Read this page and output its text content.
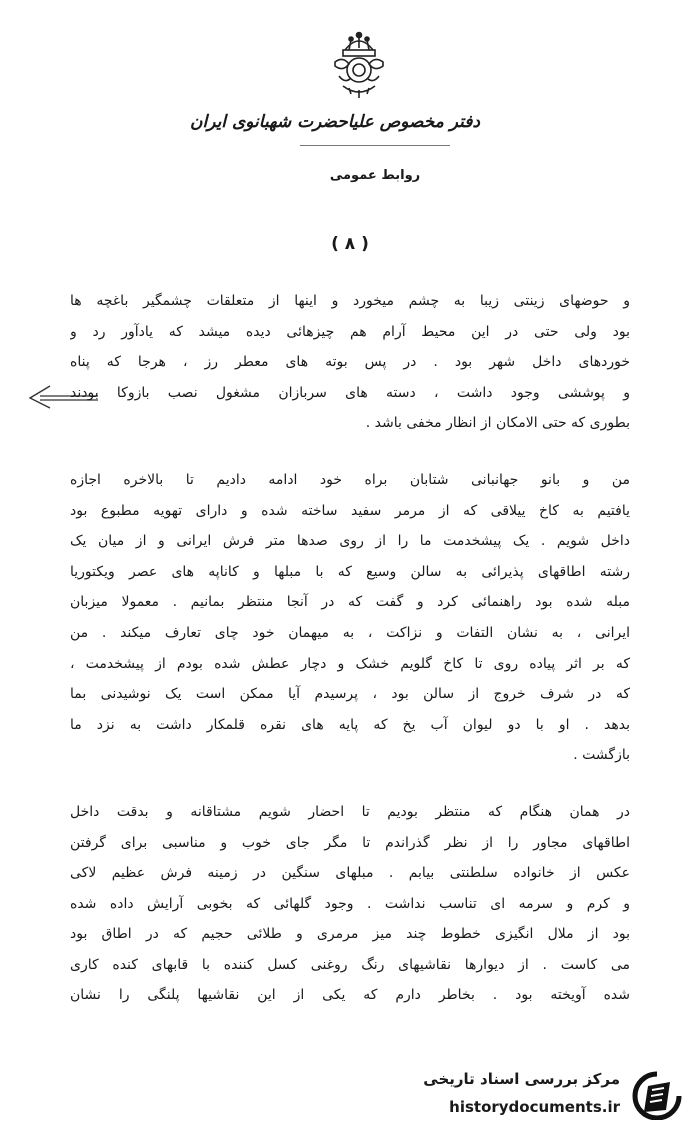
دفتر مخصوص علیاحضرت شهبانوی ایران
روابط عمومی
( ۸ )
و حوضهای زینتی زیبا به چشم میخورد و اینها از متعلقات چشمگیر باغچه ها
بود ولی حتی در این محیط آرام هم چیزهائی دیده میشد که یادآور رد و
خوردهای داخل شهر بود . در پس بوته های معطر رز ، هرجا که پناه
و پوششی وجود داشت ، دسته های سربازان مشغول نصب بازوکا بودند
بطوری که حتی الامکان از انظار مخفی باشد .
من و بانو جهانبانی شتابان براه خود ادامه دادیم تا بالاخره اجازه
یافتیم به کاخ ییلاقی که از مرمر سفید ساخته شده و دارای تهویه مطبوع بود
داخل شویم . یک پیشخدمت ما را از روی صدها متر فرش ایرانی و از میان یک
رشته اطاقهای پذیرائی به سالن وسیع که با مبلها و کاناپه های عصر ویکتوریا
مبله شده بود راهنمائی کرد و گفت که در آنجا منتظر بمانیم . معمولا میزبان
ایرانی ، به نشان التفات و نزاکت ، به میهمان خود چای تعارف میکند . من
که بر اثر پیاده روی تا کاخ گلویم خشک و دچار عطش شده بودم از پیشخدمت ،
که در شرف خروج از سالن بود ، پرسیدم آیا ممکن است یک نوشیدنی بما
بدهد . او با دو لیوان آب یخ که پایه های نقره قلمکار داشت به نزد ما
بازگشت .
در همان هنگام که منتظر بودیم تا احضار شویم مشتاقانه و بدقت داخل
اطاقهای مجاور را از نظر گذراندم تا مگر جای خوب و مناسبی برای گرفتن
عکس از خانواده سلطنتی بیابم . مبلهای سنگین در زمینه فرش عظیم لاکی
و کرم و سرمه ای تناسب نداشت . وجود گلهائی که بخوبی آرایش داده شده
بود از ملال انگیزی خطوط چند میز مرمری و طلائی حجیم که در اطاق بود
می کاست . از دیوارها نقاشیهای رنگ روغنی کسل کننده با قابهای کنده کاری
شده آویخته بود . بخاطر دارم که یکی از این نقاشیها پلنگی را نشان
مرکز بررسی اسناد تاریخی
historydocuments.ir
